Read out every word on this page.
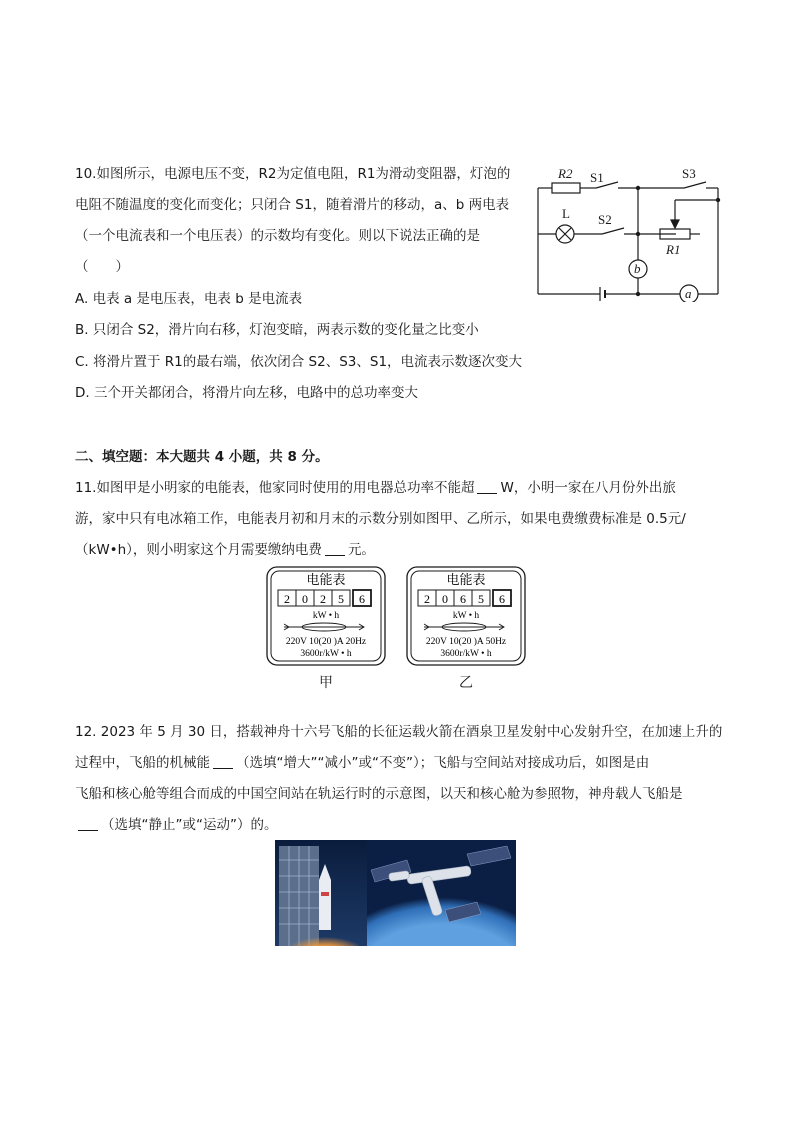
10.如图所示，电源电压不变，R2为定值电阻，R1为滑动变阻器，灯泡的
电阻不随温度的变化而变化；只闭合 S1，随着滑片的移动，a、b 两电表
（一个电流表和一个电压表）的示数均有变化。则以下说法正确的是
（　　）
A. 电表 a 是电压表，电表 b 是电流表
B. 只闭合 S2，滑片向右移，灯泡变暗，两表示数的变化量之比变小
C. 将滑片置于 R1的最右端，依次闭合 S2、S3、S1，电流表示数逐次变大
D. 三个开关都闭合，将滑片向左移，电路中的总功率变大
R2 S1	S3
L S2
R1
b
a
二、填空题：本大题共 4 小题，共 8 分。
11.如图甲是小明家的电能表，他家同时使用的用电器总功率不能超 W，小明一家在八月份外出旅
游，家中只有电冰箱工作，电能表月初和月末的示数分别如图甲、乙所示，如果电费缴费标准是 0.5元/
（kW•h），则小明家这个月需要缴纳电费 元。
电能表
2 0 2 5 6
kW • h
220V 10(20 )A 20Hz
3600r/kW • h
甲
电能表
2 0 6 5 6
kW • h
220V 10(20 )A 50Hz
3600r/kW • h
乙
12. 2023 年 5 月 30 日，搭载神舟十六号飞船的长征运载火箭在酒泉卫星发射中心发射升空，在加速上升的
过程中，飞船的机械能 （选填“增大”“减小”或“不变”）；飞船与空间站对接成功后，如图是由
飞船和核心舱等组合而成的中国空间站在轨运行时的示意图，以天和核心舱为参照物，神舟载人飞船是
（选填“静止”或“运动”）的。
